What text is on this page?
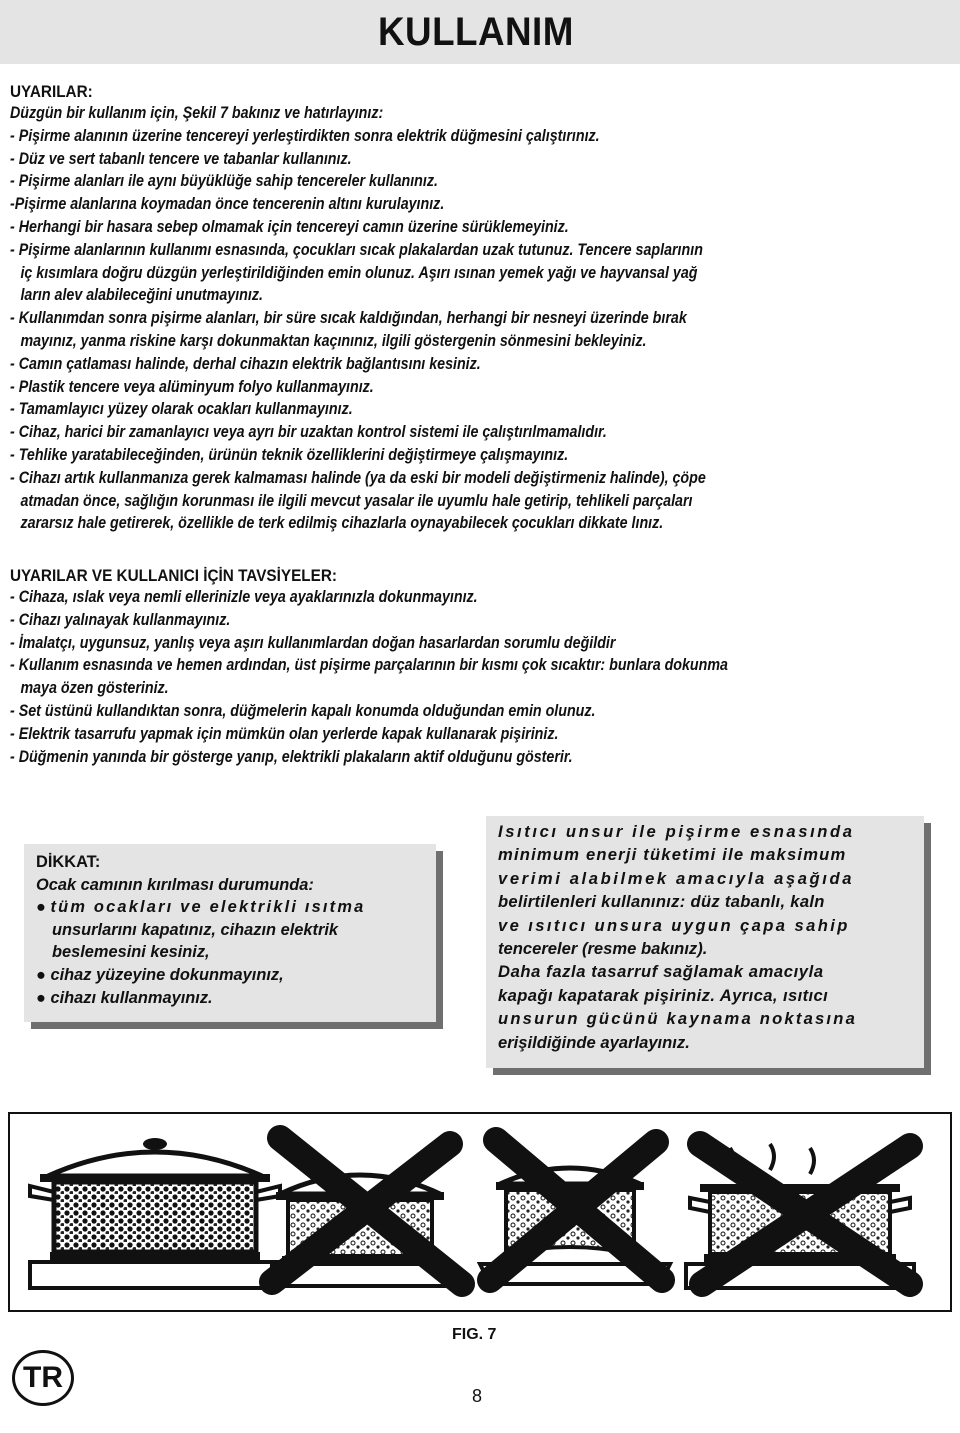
KULLANIM
UYARILAR:
Düzgün bir kullanım için, Şekil 7 bakınız ve hatırlayınız:
- Pişirme alanının üzerine tencereyi yerleştirdikten sonra elektrik düğmesini çalıştırınız.
- Düz ve sert tabanlı tencere ve tabanlar kullanınız.
- Pişirme alanları ile aynı büyüklüğe sahip tencereler kullanınız.
-Pişirme alanlarına koymadan önce tencerenin altını kurulayınız.
- Herhangi bir hasara sebep olmamak için tencereyi camın üzerine sürüklemeyiniz.
- Pişirme alanlarının kullanımı esnasında, çocukları sıcak plakalardan uzak tutunuz. Tencere saplarının
iç kısımlara doğru düzgün yerleştirildiğinden emin olunuz. Aşırı ısınan yemek yağı ve hayvansal yağ
ların alev alabileceğini unutmayınız.
- Kullanımdan sonra pişirme alanları, bir süre sıcak kaldığından, herhangi bir nesneyi üzerinde bırak
mayınız, yanma riskine karşı dokunmaktan kaçınınız, ilgili göstergenin sönmesini bekleyiniz.
- Camın çatlaması halinde, derhal cihazın elektrik bağlantısını kesiniz.
- Plastik tencere veya alüminyum folyo kullanmayınız.
- Tamamlayıcı yüzey olarak ocakları kullanmayınız.
- Cihaz, harici bir zamanlayıcı veya ayrı bir uzaktan kontrol sistemi ile çalıştırılmamalıdır.
- Tehlike yaratabileceğinden, ürünün teknik özelliklerini değiştirmeye çalışmayınız.
- Cihazı artık kullanmanıza gerek kalmaması halinde (ya da eski bir modeli değiştirmeniz halinde), çöpe
atmadan önce, sağlığın korunması ile ilgili mevcut yasalar ile uyumlu hale getirip, tehlikeli parçaları
zararsız hale getirerek, özellikle de terk edilmiş cihazlarla oynayabilecek çocukları dikkate lınız.
UYARILAR VE KULLANICI İÇİN TAVSİYELER:
- Cihaza, ıslak veya nemli ellerinizle veya ayaklarınızla dokunmayınız.
- Cihazı yalınayak kullanmayınız.
- İmalatçı, uygunsuz, yanlış veya aşırı kullanımlardan doğan hasarlardan sorumlu değildir
- Kullanım esnasında ve hemen ardından, üst pişirme parçalarının bir kısmı çok sıcaktır: bunlara dokunma
maya özen gösteriniz.
- Set üstünü kullandıktan sonra, düğmelerin kapalı konumda olduğundan emin olunuz.
- Elektrik tasarrufu yapmak için mümkün olan yerlerde kapak kullanarak pişiriniz.
- Düğmenin yanında bir gösterge yanıp, elektrikli plakaların aktif olduğunu gösterir.
DİKKAT:
Ocak camının kırılması durumunda:
● tüm ocakları ve elektrikli ısıtma
unsurlarını kapatınız, cihazın elektrik
beslemesini kesiniz,
● cihaz yüzeyine dokunmayınız,
● cihazı kullanmayınız.
Isıtıcı unsur ile pişirme esnasında
minimum enerji tüketimi ile maksimum
verimi alabilmek amacıyla aşağıda
belirtilenleri kullanınız: düz tabanlı, kaln
ve ısıtıcı unsura uygun çapa sahip
tencereler (resme bakınız).
Daha fazla tasarruf sağlamak amacıyla
kapağı kapatarak pişiriniz. Ayrıca, ısıtıcı
unsurun gücünü kaynama noktasına
erişildiğinde ayarlayınız.
FIG. 7
TR
8
